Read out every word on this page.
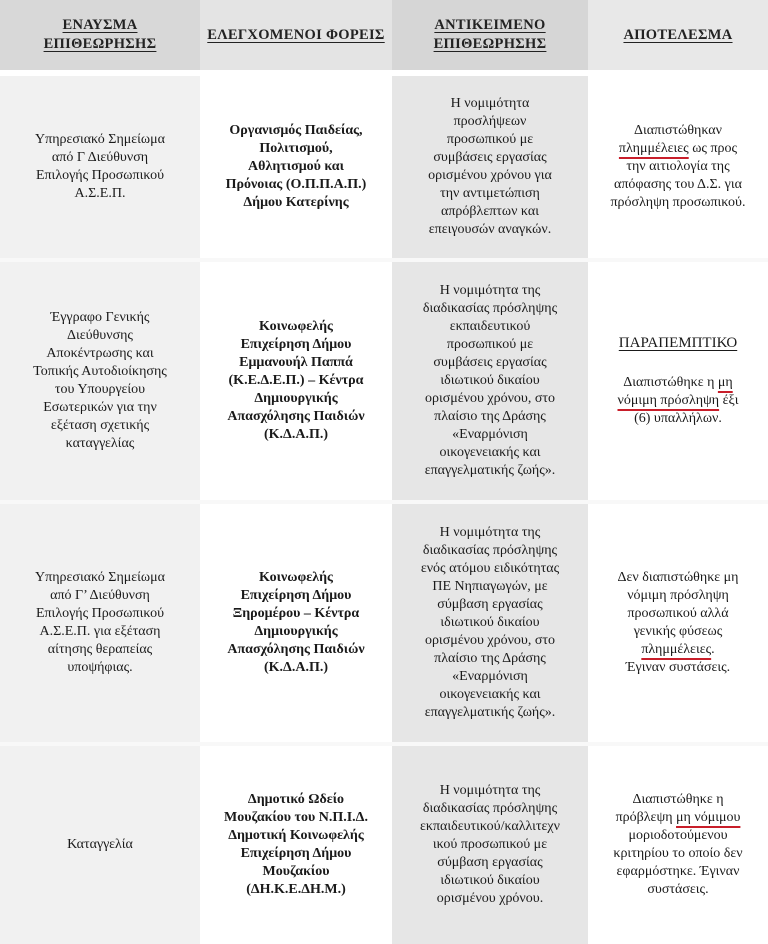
ΕΝΑΥΣΜΑ ΕΠΙΘΕΩΡΗΣΗΣ
ΕΛΕΓΧΟΜΕΝΟΙ ΦΟΡΕΙΣ
ΑΝΤΙΚΕΙΜΕΝΟ ΕΠΙΘΕΩΡΗΣΗΣ
ΑΠΟΤΕΛΕΣΜΑ
Υπηρεσιακό Σημείωμα
από Γ Διεύθυνση
Επιλογής Προσωπικού
Α.Σ.Ε.Π.
Οργανισμός Παιδείας,
Πολιτισμού,
Αθλητισμού και
Πρόνοιας (Ο.Π.Π.Α.Π.)
Δήμου Κατερίνης
Η νομιμότητα
προσλήψεων
προσωπικού με
συμβάσεις εργασίας
ορισμένου χρόνου για
την αντιμετώπιση
απρόβλεπτων και
επειγουσών αναγκών.
Διαπιστώθηκαν
πλημμέλειες ως προς
την αιτιολογία της
απόφασης του Δ.Σ. για
πρόσληψη προσωπικού.
Έγγραφο Γενικής
Διεύθυνσης
Αποκέντρωσης και
Τοπικής Αυτοδιοίκησης
του Υπουργείου
Εσωτερικών για την
εξέταση σχετικής
καταγγελίας
Κοινωφελής
Επιχείρηση Δήμου
Εμμανουήλ Παππά
(Κ.Ε.Δ.Ε.Π.) – Κέντρα
Δημιουργικής
Απασχόλησης Παιδιών
(Κ.Δ.Α.Π.)
Η νομιμότητα της
διαδικασίας πρόσληψης
εκπαιδευτικού
προσωπικού με
συμβάσεις εργασίας
ιδιωτικού δικαίου
ορισμένου χρόνου, στο
πλαίσιο της Δράσης
«Εναρμόνιση
οικογενειακής και
επαγγελματικής ζωής».
ΠΑΡΑΠΕΜΠΤΙΚΟ
Διαπιστώθηκε η μη
νόμιμη πρόσληψη έξι
(6) υπαλλήλων.
Υπηρεσιακό Σημείωμα
από Γ’ Διεύθυνση
Επιλογής Προσωπικού
Α.Σ.Ε.Π. για εξέταση
αίτησης θεραπείας
υποψήφιας.
Κοινωφελής
Επιχείρηση Δήμου
Ξηρομέρου – Κέντρα
Δημιουργικής
Απασχόλησης Παιδιών
(Κ.Δ.Α.Π.)
Η νομιμότητα της
διαδικασίας πρόσληψης
ενός ατόμου ειδικότητας
ΠΕ Νηπιαγωγών, με
σύμβαση εργασίας
ιδιωτικού δικαίου
ορισμένου χρόνου, στο
πλαίσιο της Δράσης
«Εναρμόνιση
οικογενειακής και
επαγγελματικής ζωής».
Δεν διαπιστώθηκε μη
νόμιμη πρόσληψη
προσωπικού αλλά
γενικής φύσεως
πλημμέλειες.
Έγιναν συστάσεις.
Καταγγελία
Δημοτικό Ωδείο
Μουζακίου του Ν.Π.Ι.Δ.
Δημοτική Κοινωφελής
Επιχείρηση Δήμου
Μουζακίου
(ΔΗ.Κ.Ε.ΔΗ.Μ.)
Η νομιμότητα της
διαδικασίας πρόσληψης
εκπαιδευτικού/καλλιτεχν
ικού προσωπικού με
σύμβαση εργασίας
ιδιωτικού δικαίου
ορισμένου χρόνου.
Διαπιστώθηκε η
πρόβλεψη μη νόμιμου
μοριοδοτούμενου
κριτηρίου το οποίο δεν
εφαρμόστηκε. Έγιναν
συστάσεις.
